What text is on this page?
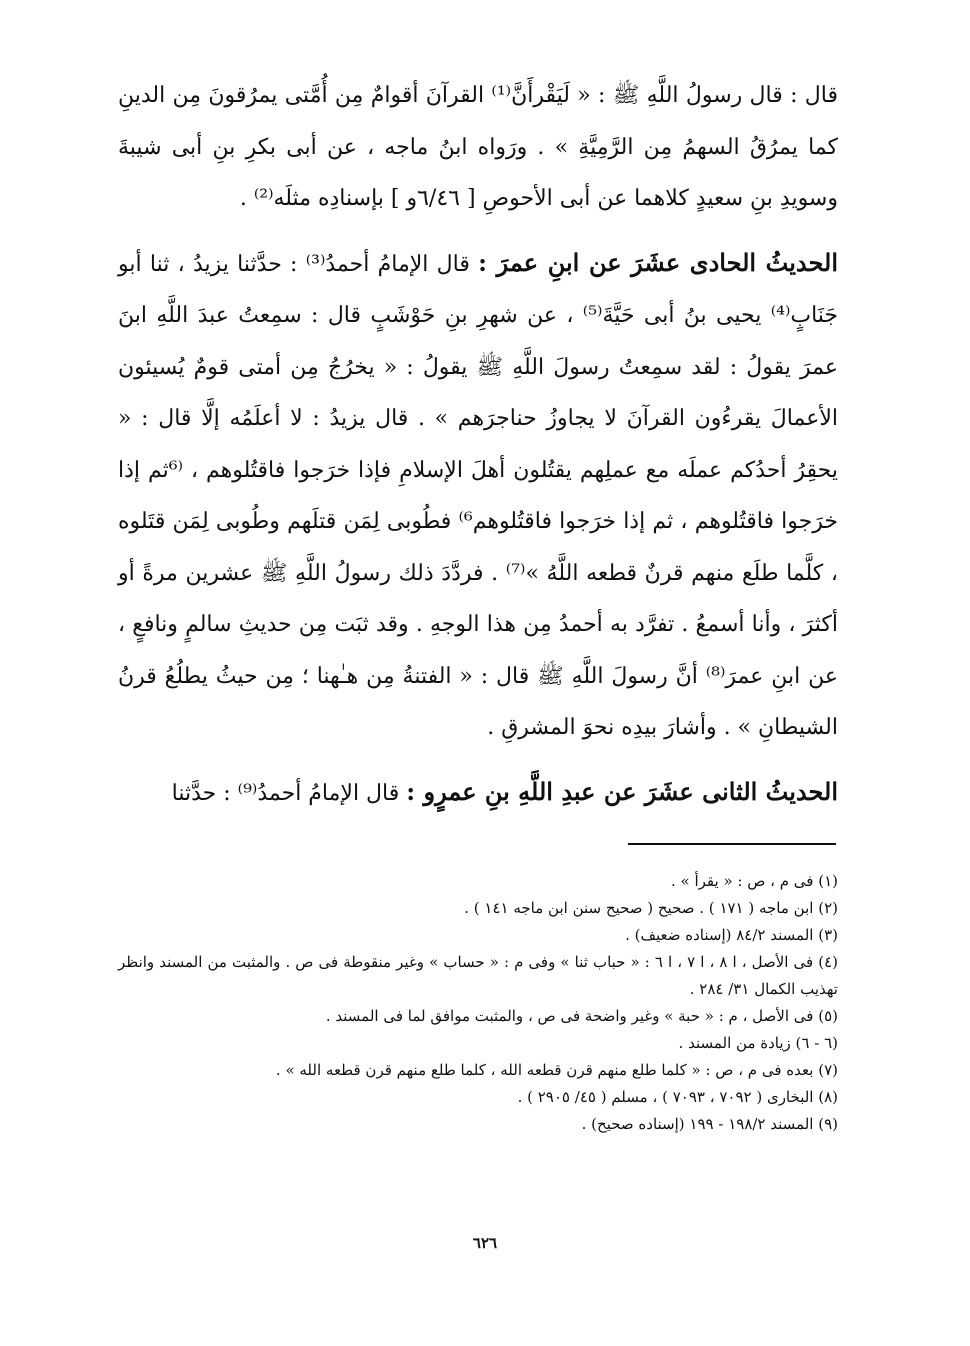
قال : قال رسولُ اللَّهِ ﷺ : « لَيَقْرأَنَّ⁽¹⁾ القرآنَ أقوامٌ مِن أُمَّتى يمرُقونَ مِن الدينِ كما يمرُقُ السهمُ مِن الرَّمِيَّةِ » . ورَواه ابنُ ماجه ، عن أبى بكرِ بنِ أبى شيبةَ وسويدِ بنِ سعيدٍ كلاهما عن أبى الأحوصِ [ ٦/٤٦و ] بإسنادِه مثلَه⁽²⁾ .

الحديثُ الحادى عشَرَ عن ابنِ عمرَ : قال الإمامُ أحمدُ⁽³⁾ : حدَّثنا يزيدُ ، ثنا أبو جَنَابٍ⁽⁴⁾ يحيى بنُ أبى حَيَّةَ⁽⁵⁾ ، عن شهرِ بنِ حَوْشَبٍ قال : سمِعتُ عبدَ اللَّهِ ابنَ عمرَ يقولُ : لقد سمِعتُ رسولَ اللَّهِ ﷺ يقولُ : « يخرُجُ مِن أمتى قومٌ يُسيئون الأعمالَ يقرءُون القرآنَ لا يجاوزُ حناجرَهم » . قال يزيدُ : لا أعلَمُه إلَّا قال : « يحقِرُ أحدُكم عملَه مع عملِهم يقتُلون أهلَ الإسلامِ فإذا خرَجوا فاقتُلوهم ، ⁽⁶ثم إذا خرَجوا فاقتُلوهم ، ثم إذا خرَجوا فاقتُلوهم⁶⁾ فطُوبى لِمَن قتلَهم وطُوبى لِمَن قتَلوه ، كلَّما طلَع منهم قرنٌ قطعه اللَّهُ »⁽⁷⁾ . فردَّدَ ذلك رسولُ اللَّهِ ﷺ عشرين مرةً أو أكثرَ ، وأنا أسمعُ . تفرَّد به أحمدُ مِن هذا الوجهِ . وقد ثبَت مِن حديثِ سالمٍ ونافعٍ ، عن ابنِ عمرَ⁽⁸⁾ أنَّ رسولَ اللَّهِ ﷺ قال : « الفتنةُ مِن هـٰهنا ؛ مِن حيثُ يطلُعُ قرنُ الشيطانِ » . وأشارَ بيدِه نحوَ المشرقِ .

الحديثُ الثانى عشَرَ عن عبدِ اللَّهِ بنِ عمرٍو : قال الإمامُ أحمدُ⁽⁹⁾ : حدَّثنا

(١) فى م ، ص : « يقرأ » .
(٢) ابن ماجه ( ١٧١ ) . صحيح ( صحيح سنن ابن ماجه ١٤١ ) .
(٣) المسند ٨٤/٢ (إسناده ضعيف) .
(٤) فى الأصل ، ا ٨ ، ا ٧ ، ا ٦ : « حباب ثنا » وفى م : « حساب » وغير منقوطة فى ص . والمثبت من المسند وانظر تهذيب الكمال ٣١/ ٢٨٤ .
(٥) فى الأصل ، م : « حبة » وغير واضحة فى ص ، والمثبت موافق لما فى المسند .
(٦ - ٦) زيادة من المسند .
(٧) بعده فى م ، ص : « كلما طلع منهم قرن قطعه الله ، كلما طلع منهم قرن قطعه الله » .
(٨) البخارى ( ٧٠٩٢ ، ٧٠٩٣ ) ، مسلم ( ٤٥/ ٢٩٠٥ ) .
(٩) المسند ١٩٨/٢ - ١٩٩ (إسناده صحيح) .
٦٢٦
